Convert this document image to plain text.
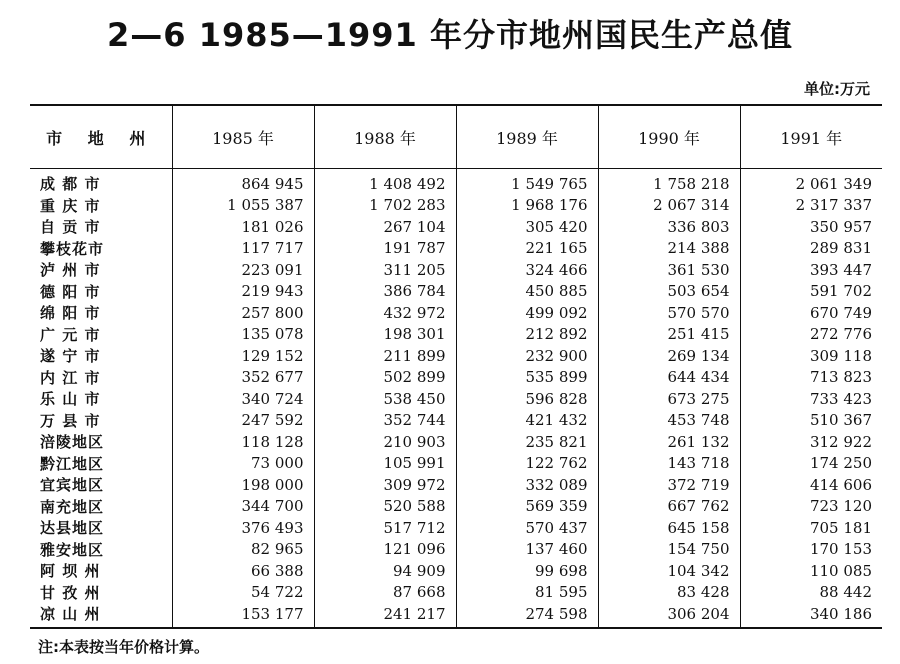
2—6 1985—1991 年分市地州国民生产总值
单位:万元
市 地 州	1985 年	1988 年	1989 年	1990 年	1991 年
成 都 市	864 945	1 408 492	1 549 765	1 758 218	2 061 349
重 庆 市	1 055 387	1 702 283	1 968 176	2 067 314	2 317 337
自 贡 市	181 026	267 104	305 420	336 803	350 957
攀枝花市	117 717	191 787	221 165	214 388	289 831
泸 州 市	223 091	311 205	324 466	361 530	393 447
德 阳 市	219 943	386 784	450 885	503 654	591 702
绵 阳 市	257 800	432 972	499 092	570 570	670 749
广 元 市	135 078	198 301	212 892	251 415	272 776
遂 宁 市	129 152	211 899	232 900	269 134	309 118
内 江 市	352 677	502 899	535 899	644 434	713 823
乐 山 市	340 724	538 450	596 828	673 275	733 423
万 县 市	247 592	352 744	421 432	453 748	510 367
涪陵地区	118 128	210 903	235 821	261 132	312 922
黔江地区	73 000	105 991	122 762	143 718	174 250
宜宾地区	198 000	309 972	332 089	372 719	414 606
南充地区	344 700	520 588	569 359	667 762	723 120
达县地区	376 493	517 712	570 437	645 158	705 181
雅安地区	82 965	121 096	137 460	154 750	170 153
阿 坝 州	66 388	94 909	99 698	104 342	110 085
甘 孜 州	54 722	87 668	81 595	83 428	88 442
凉 山 州	153 177	241 217	274 598	306 204	340 186
注:本表按当年价格计算。
